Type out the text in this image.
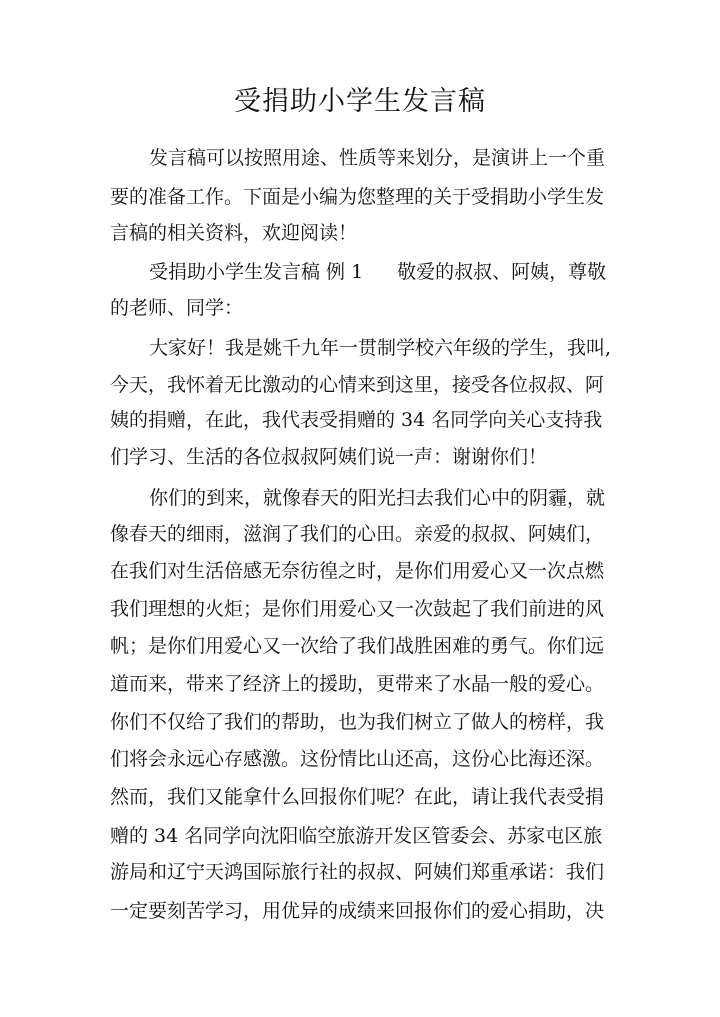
受捐助小学生发言稿

发言稿可以按照用途、性质等来划分，是演讲上一个重

要的准备工作。下面是小编为您整理的关于受捐助小学生发

言稿的相关资料，欢迎阅读！

受捐助小学生发言稿 例 1 敬爱的叔叔、阿姨，尊敬

的老师、同学：

大家好！我是姚千九年一贯制学校六年级的学生，我叫,

今天，我怀着无比激动的心情来到这里，接受各位叔叔、阿

姨的捐赠，在此，我代表受捐赠的 34 名同学向关心支持我

们学习、生活的各位叔叔阿姨们说一声：谢谢你们！

你们的到来，就像春天的阳光扫去我们心中的阴霾，就

像春天的细雨，滋润了我们的心田。亲爱的叔叔、阿姨们，

在我们对生活倍感无奈彷徨之时，是你们用爱心又一次点燃

我们理想的火炬；是你们用爱心又一次鼓起了我们前进的风

帆；是你们用爱心又一次给了我们战胜困难的勇气。你们远

道而来，带来了经济上的援助，更带来了水晶一般的爱心。

你们不仅给了我们的帮助，也为我们树立了做人的榜样，我

们将会永远心存感激。这份情比山还高，这份心比海还深。

然而，我们又能拿什么回报你们呢？在此，请让我代表受捐

赠的 34 名同学向沈阳临空旅游开发区管委会、苏家屯区旅

游局和辽宁天鸿国际旅行社的叔叔、阿姨们郑重承诺：我们

一定要刻苦学习，用优异的成绩来回报你们的爱心捐助，决
